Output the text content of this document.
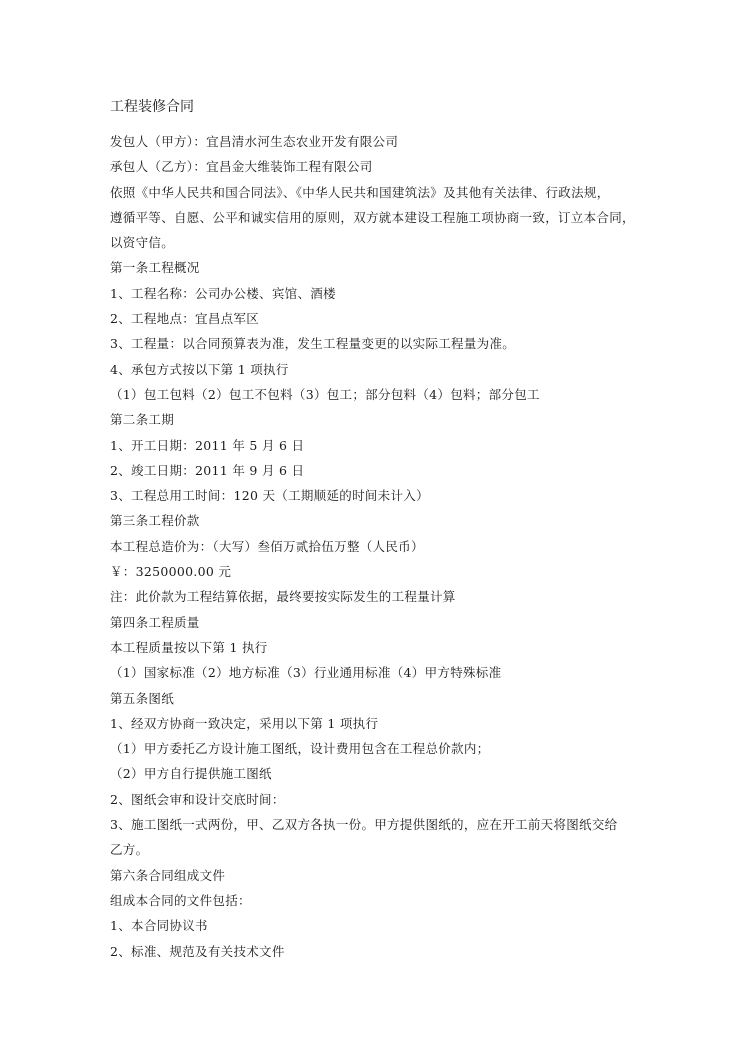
工程装修合同
发包人（甲方）：宜昌清水河生态农业开发有限公司
承包人（乙方）：宜昌金大维装饰工程有限公司
依照《中华人民共和国合同法》、《中华人民共和国建筑法》及其他有关法律、行政法规，
遵循平等、自愿、公平和诚实信用的原则，双方就本建设工程施工项协商一致，订立本合同，
以资守信。
第一条工程概况
1、工程名称：公司办公楼、宾馆、酒楼
2、工程地点：宜昌点军区
3、工程量：以合同预算表为准，发生工程量变更的以实际工程量为准。
4、承包方式按以下第 1 项执行
（1）包工包料（2）包工不包料（3）包工；部分包料（4）包料；部分包工
第二条工期
1、开工日期：2011 年 5 月 6 日
2、竣工日期：2011 年 9 月 6 日
3、工程总用工时间：120 天（工期顺延的时间未计入）
第三条工程价款
本工程总造价为：（大写）叁佰万贰拾伍万整（人民币）
￥：3250000.00 元
注：此价款为工程结算依据，最终要按实际发生的工程量计算
第四条工程质量
本工程质量按以下第 1 执行
（1）国家标准（2）地方标准（3）行业通用标准（4）甲方特殊标准
第五条图纸
1、经双方协商一致决定，采用以下第 1 项执行
（1）甲方委托乙方设计施工图纸，设计费用包含在工程总价款内；
（2）甲方自行提供施工图纸
2、图纸会审和设计交底时间：
3、施工图纸一式两份，甲、乙双方各执一份。甲方提供图纸的，应在开工前天将图纸交给
乙方。
第六条合同组成文件
组成本合同的文件包括：
1、本合同协议书
2、标准、规范及有关技术文件
